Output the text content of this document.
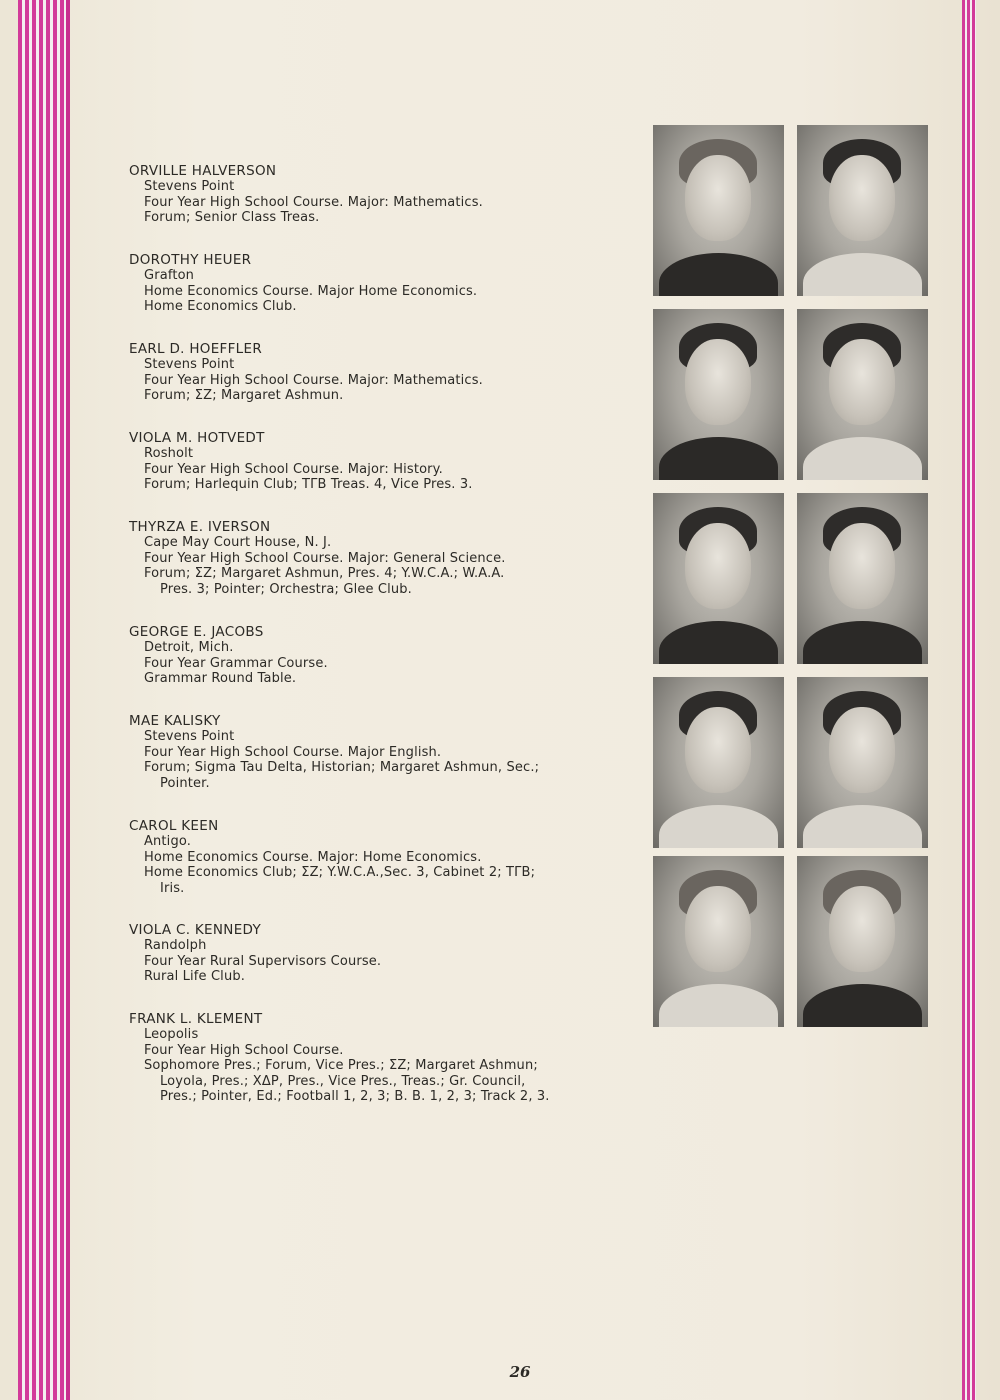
ORVILLE HALVERSON
Stevens Point
Four Year High School Course. Major: Mathematics.
Forum; Senior Class Treas.
DOROTHY HEUER
Grafton
Home Economics Course. Major Home Economics.
Home Economics Club.
EARL D. HOEFFLER
Stevens Point
Four Year High School Course. Major: Mathematics.
Forum; ΣZ; Margaret Ashmun.
VIOLA M. HOTVEDT
Rosholt
Four Year High School Course. Major: History.
Forum; Harlequin Club; TΓB Treas. 4, Vice Pres. 3.
THYRZA E. IVERSON
Cape May Court House, N. J.
Four Year High School Course. Major: General Science.
Forum; ΣZ; Margaret Ashmun, Pres. 4; Y.W.C.A.; W.A.A.
Pres. 3; Pointer; Orchestra; Glee Club.
GEORGE E. JACOBS
Detroit, Mich.
Four Year Grammar Course.
Grammar Round Table.
MAE KALISKY
Stevens Point
Four Year High School Course. Major English.
Forum; Sigma Tau Delta, Historian; Margaret Ashmun, Sec.;
Pointer.
CAROL KEEN
Antigo.
Home Economics Course. Major: Home Economics.
Home Economics Club; ΣZ; Y.W.C.A.,Sec. 3, Cabinet 2; TΓB;
Iris.
VIOLA C. KENNEDY
Randolph
Four Year Rural Supervisors Course.
Rural Life Club.
FRANK L. KLEMENT
Leopolis
Four Year High School Course.
Sophomore Pres.; Forum, Vice Pres.; ΣZ; Margaret Ashmun;
Loyola, Pres.; XΔP, Pres., Vice Pres., Treas.; Gr. Council,
Pres.; Pointer, Ed.; Football 1, 2, 3; B. B. 1, 2, 3; Track 2, 3.
26
